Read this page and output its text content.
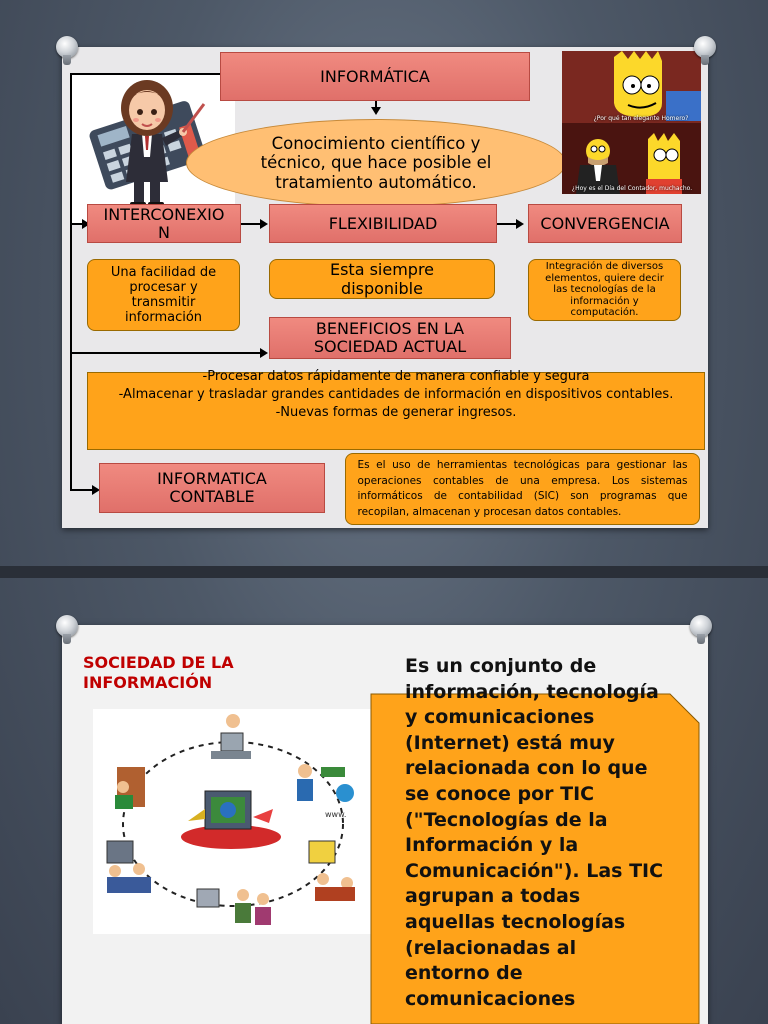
INFORMÁTICA
Conocimiento científico y técnico, que hace posible el tratamiento automático.
¿Por qué tan elegante Homero?
¿Hoy es el Día del Contador, muchacho.
INTERCONEXION	FLEXIBILIDAD	CONVERGENCIA
Una facilidad de procesar y transmitir información
Esta siempre disponible
Integración de diversos elementos, quiere decir las tecnologías de la información y computación.
BENEFICIOS EN LA SOCIEDAD ACTUAL
-Procesar datos rápidamente de manera confiable y segura
-Almacenar y trasladar grandes cantidades de información en dispositivos contables.
-Nuevas formas de generar ingresos.
INFORMATICA CONTABLE
Es el uso de herramientas tecnológicas para gestionar las operaciones contables de una empresa. Los sistemas informáticos de contabilidad (SIC) son programas que recopilan, almacenan y procesan datos contables.
SOCIEDAD DE LA INFORMACIÓN
www.
Es un conjunto de información, tecnología y comunicaciones (Internet) está muy relacionada con lo que se conoce por TIC ("Tecnologías de la Información y la Comunicación"). Las TIC agrupan a todas aquellas tecnologías (relacionadas al entorno de comunicaciones
